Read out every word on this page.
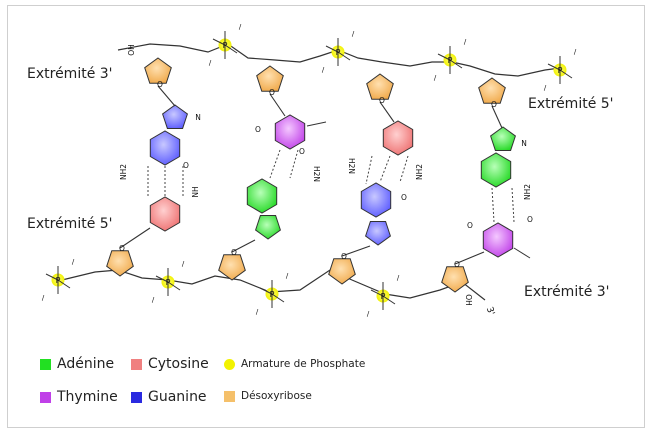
O
O
O	O
O	O	O
O
OH
OH
3'
P
/
/
P
/
/
P
/
/
P
/
/
P
/
/
P
/
/
P
/
/
P
/
/
NH2
NH
O
O
H2N
O
H2N
O
NH2
NH2
O
O
N
N
Extrémité 3'
Extrémité 5'
Extrémité 5'
Extrémité 3'
Adénine Cytosine	Armature de Phosphate
Thymine Guanine	Désoxyribose
